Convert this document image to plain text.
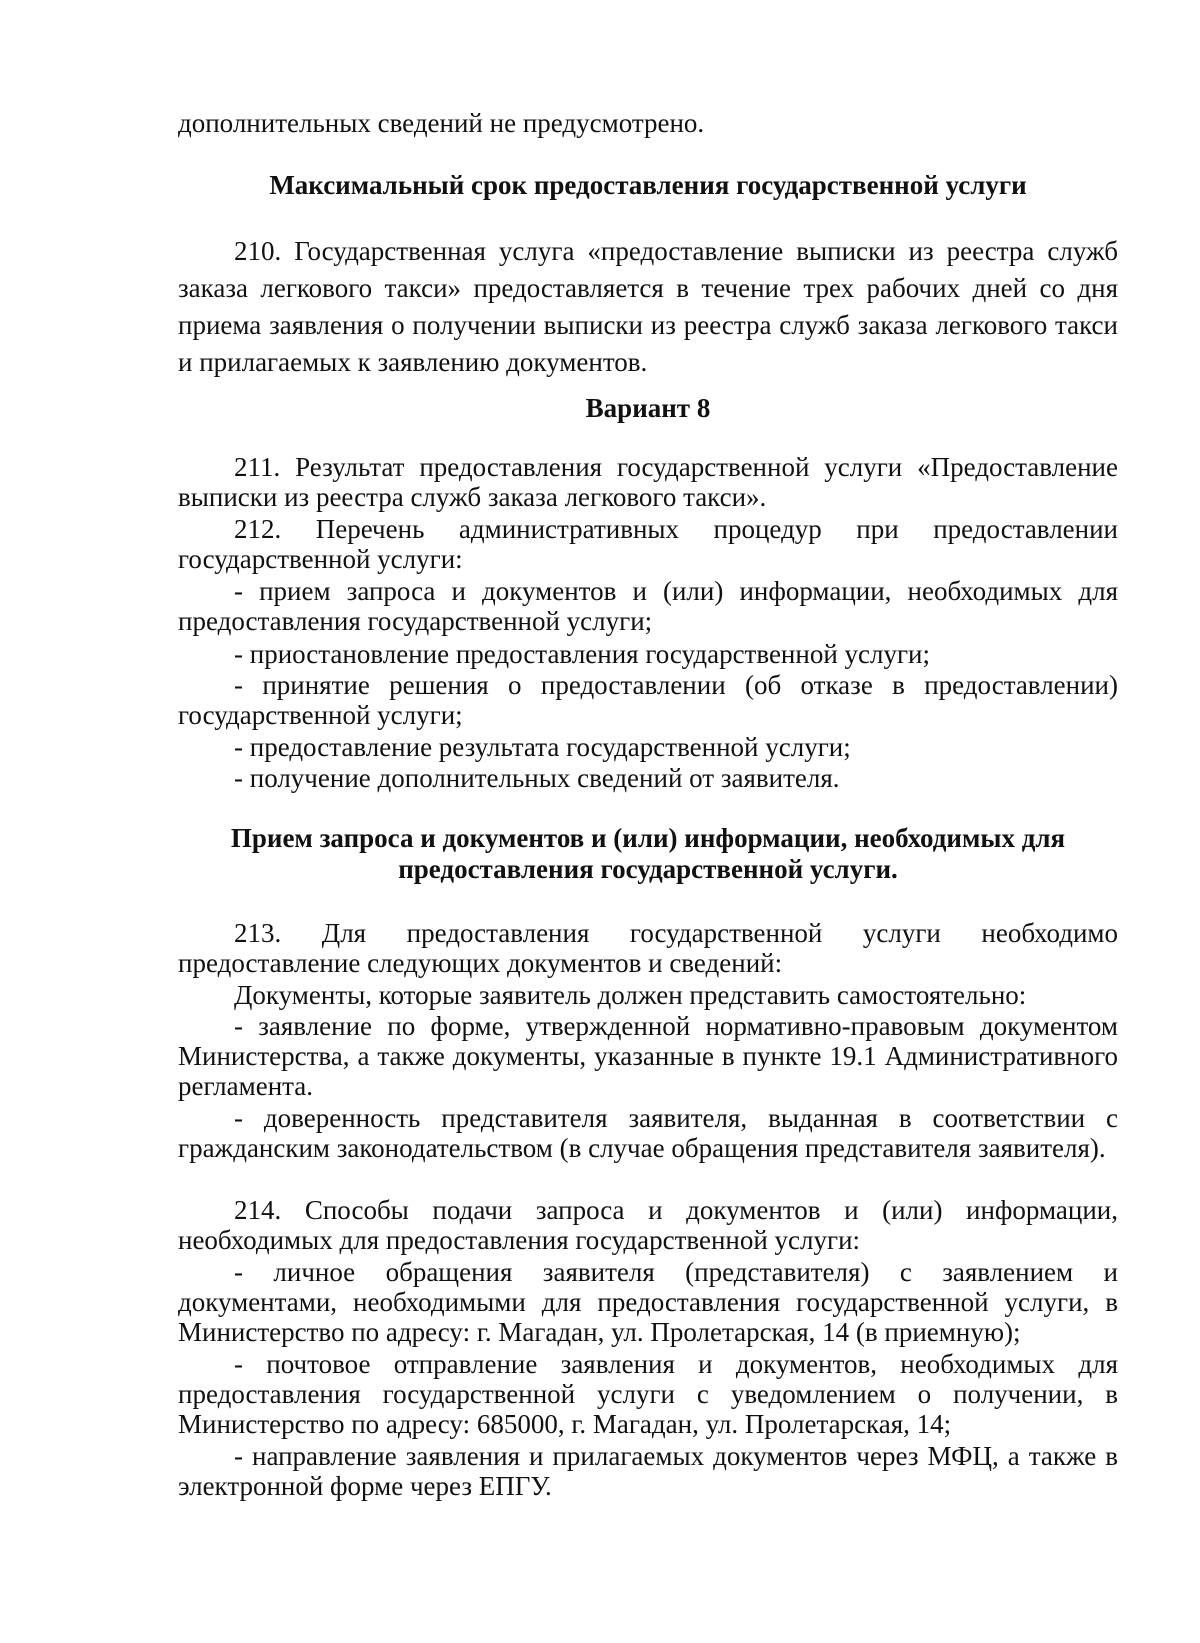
дополнительных сведений не предусмотрено.

Максимальный срок предоставления государственной услуги

210. Государственная услуга «предоставление выписки из реестра служб заказа легкового такси» предоставляется в течение трех рабочих дней со дня приема заявления о получении выписки из реестра служб заказа легкового такси и прилагаемых к заявлению документов.

Вариант 8

211. Результат предоставления государственной услуги «Предоставление выписки из реестра служб заказа легкового такси».

212. Перечень административных процедур при предоставлении государственной услуги:

- прием запроса и документов и (или) информации, необходимых для предоставления государственной услуги;

- приостановление предоставления государственной услуги;

- принятие решения о предоставлении (об отказе в предоставлении) государственной услуги;

- предоставление результата государственной услуги;

- получение дополнительных сведений от заявителя.

Прием запроса и документов и (или) информации, необходимых для
предоставления государственной услуги.

213. Для предоставления государственной услуги необходимо предоставление следующих документов и сведений:

Документы, которые заявитель должен представить самостоятельно:

- заявление по форме, утвержденной нормативно-правовым документом Министерства, а также документы, указанные в пункте 19.1 Административного регламента.

- доверенность представителя заявителя, выданная в соответствии с гражданским законодательством (в случае обращения представителя заявителя).

214. Способы подачи запроса и документов и (или) информации, необходимых для предоставления государственной услуги:

- личное обращения заявителя (представителя) с заявлением и документами, необходимыми для предоставления государственной услуги, в Министерство по адресу: г. Магадан, ул. Пролетарская, 14 (в приемную);

- почтовое отправление заявления и документов, необходимых для предоставления государственной услуги с уведомлением о получении, в Министерство по адресу: 685000, г. Магадан, ул. Пролетарская, 14;

- направление заявления и прилагаемых документов через МФЦ, а также в электронной форме через ЕПГУ.
